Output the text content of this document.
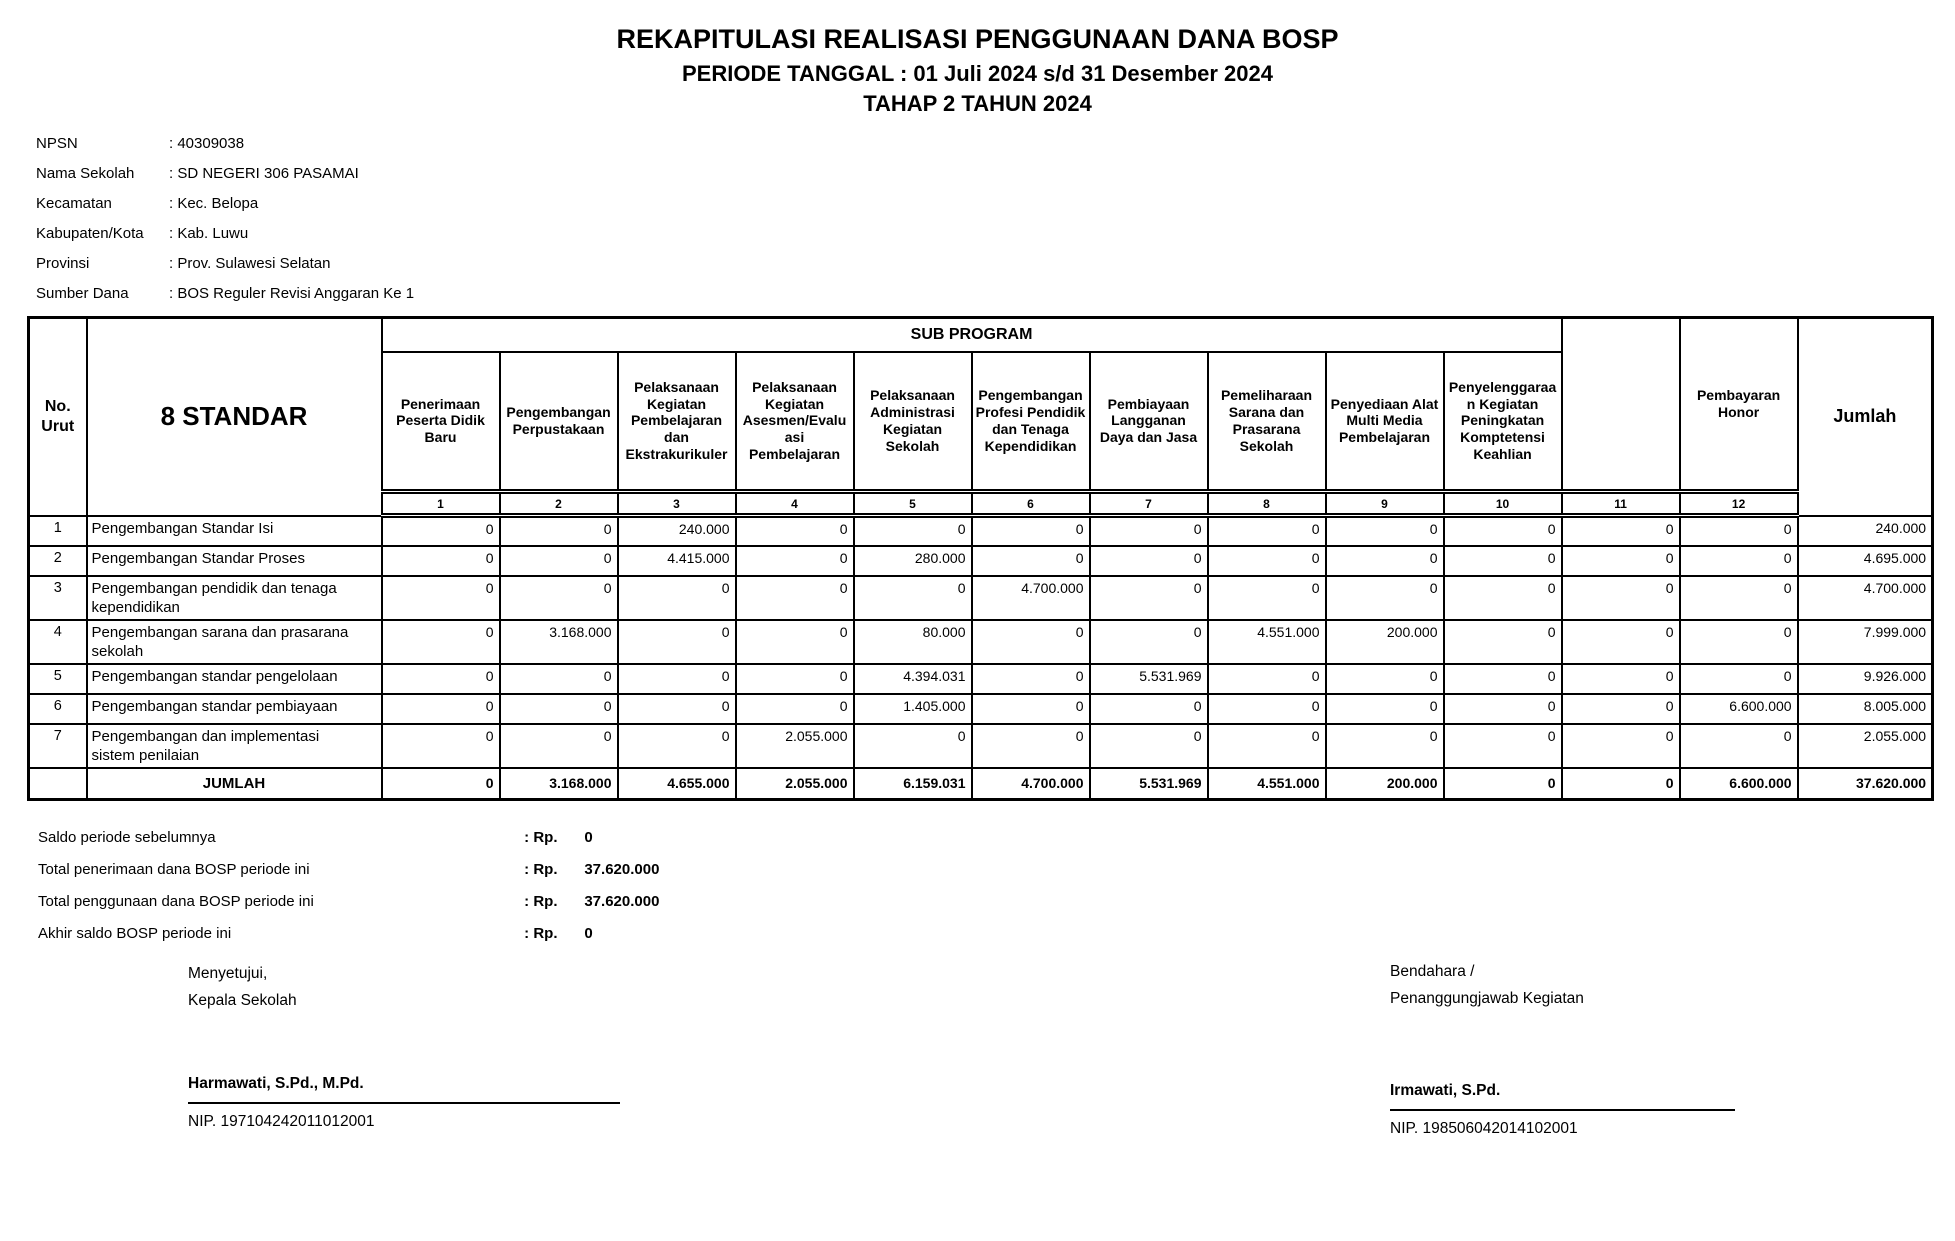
REKAPITULASI REALISASI PENGGUNAAN DANA BOSP
PERIODE TANGGAL : 01 Juli 2024 s/d 31 Desember 2024
TAHAP 2 TAHUN 2024
NPSN	: 40309038
Nama Sekolah	: SD NEGERI 306 PASAMAI
Kecamatan	: Kec. Belopa
Kabupaten/Kota	: Kab. Luwu
Provinsi	: Prov. Sulawesi Selatan
Sumber Dana	: BOS Reguler Revisi Anggaran Ke 1
No.
Urut	8 STANDAR	SUB PROGRAM											Pembayaran Honor	Jumlah
		Penerimaan Peserta Didik Baru	Pengembangan Perpustakaan	Pelaksanaan Kegiatan Pembelajaran dan Ekstrakurikuler	Pelaksanaan Kegiatan Asesmen/Evaluasi Pembelajaran	Pelaksanaan Administrasi Kegiatan Sekolah	Pengembangan Profesi Pendidik dan Tenaga Kependidikan	Pembiayaan Langganan Daya dan Jasa	Pemeliharaan Sarana dan Prasarana Sekolah	Penyediaan Alat Multi Media Pembelajaran	Penyelenggaraan Kegiatan Peningkatan Komptetensi Keahlian			
		1	2	3	4	5	6	7	8	9	10	11	12	
1	Pengembangan Standar Isi	0	0	240.000	0	0	0	0	0	0	0	0	0	240.000
2	Pengembangan Standar Proses	0	0	4.415.000	0	280.000	0	0	0	0	0	0	0	4.695.000
3	Pengembangan pendidik dan tenaga kependidikan	0	0	0	0	0	4.700.000	0	0	0	0	0	0	4.700.000
4	Pengembangan sarana dan prasarana sekolah	0	3.168.000	0	0	80.000	0	0	4.551.000	200.000	0	0	0	7.999.000
5	Pengembangan standar pengelolaan	0	0	0	0	4.394.031	0	5.531.969	0	0	0	0	0	9.926.000
6	Pengembangan standar pembiayaan	0	0	0	0	1.405.000	0	0	0	0	0	0	6.600.000	8.005.000
7	Pengembangan dan implementasi sistem penilaian	0	0	0	2.055.000	0	0	0	0	0	0	0	0	2.055.000
	JUMLAH	0	3.168.000	4.655.000	2.055.000	6.159.031	4.700.000	5.531.969	4.551.000	200.000	0	0	6.600.000	37.620.000
Saldo periode sebelumnya	: Rp. 0
Total penerimaan dana BOSP periode ini	: Rp. 37.620.000
Total penggunaan dana BOSP periode ini	: Rp. 37.620.000
Akhir saldo BOSP periode ini	: Rp. 0
Menyetujui,
Kepala Sekolah
Harmawati, S.Pd., M.Pd.
NIP. 197104242011012001
Bendahara /
Penanggungjawab Kegiatan
Irmawati, S.Pd.
NIP. 198506042014102001
